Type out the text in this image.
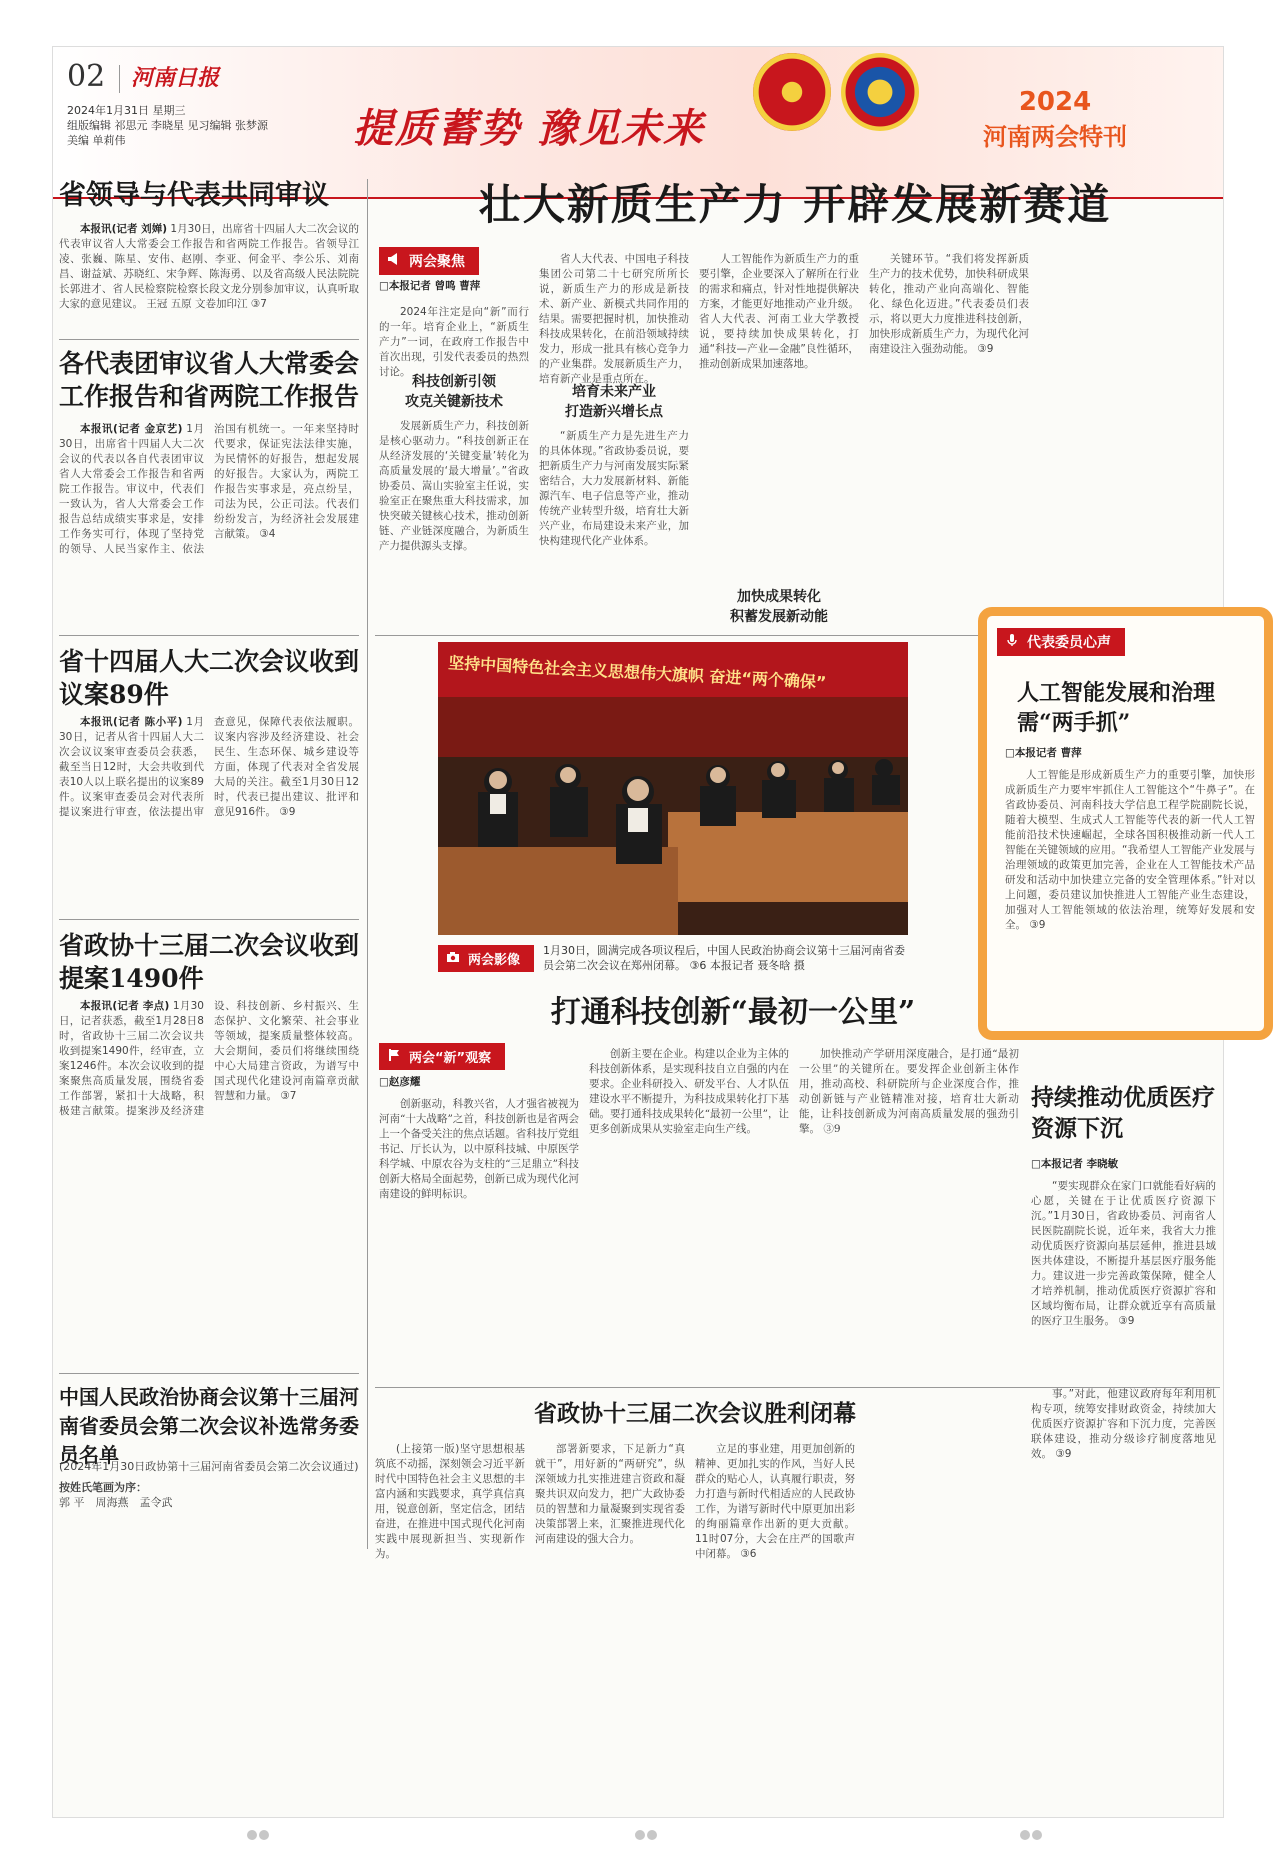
02 河南日报
2024年1月31日 星期三
组版编辑 祁思元 李晓星 见习编辑 张梦源
美编 单莉伟	提质蓄势 豫见未来
2024
河南两会特刊
省领导与代表共同审议

本报讯(记者 刘婵) 1月30日，出席省十四届人大二次会议的代表审议省人大常委会工作报告和省两院工作报告。省领导江凌、张巍、陈星、安伟、赵刚、李亚、何金平、李公乐、刘南昌、谢益斌、苏晓红、宋争辉、陈海勇、以及省高级人民法院院长郭进才、省人民检察院检察长段文龙分别参加审议，认真听取大家的意见建议。 王冠 五原 文卷加印江 ③7

各代表团审议省人大常委会工作报告和省两院工作报告

本报讯(记者 金京艺) 1月30日，出席省十四届人大二次会议的代表以各自代表团审议省人大常委会工作报告和省两院工作报告。审议中，代表们一致认为，省人大常委会工作报告总结成绩实事求是，安排工作务实可行，体现了坚持党的领导、人民当家作主、依法治国有机统一。一年来坚持时代要求，保证宪法法律实施，为民情怀的好报告，想起发展的好报告。大家认为，两院工作报告实事求是，亮点纷呈，司法为民，公正司法。代表们纷纷发言，为经济社会发展建言献策。 ③4

省十四届人大二次会议收到议案89件

本报讯(记者 陈小平) 1月30日，记者从省十四届人大二次会议议案审查委员会获悉，截至当日12时，大会共收到代表10人以上联名提出的议案89件。议案审查委员会对代表所提议案进行审查，依法提出审查意见，保障代表依法履职。议案内容涉及经济建设、社会民生、生态环保、城乡建设等方面，体现了代表对全省发展大局的关注。截至1月30日12时，代表已提出建议、批评和意见916件。 ③9

省政协十三届二次会议收到提案1490件

本报讯(记者 李点) 1月30日，记者获悉，截至1月28日8时，省政协十三届二次会议共收到提案1490件，经审查，立案1246件。本次会议收到的提案聚焦高质量发展，围绕省委工作部署，紧扣十大战略，积极建言献策。提案涉及经济建设、科技创新、乡村振兴、生态保护、文化繁荣、社会事业等领域，提案质量整体较高。大会期间，委员们将继续围绕中心大局建言资政，为谱写中国式现代化建设河南篇章贡献智慧和力量。 ③7

中国人民政治协商会议第十三届河南省委员会第二次会议补选常务委员名单
(2024年1月30日政协第十三届河南省委员会第二次会议通过)
按姓氏笔画为序：
郭 平　周海燕　孟令武
壮大新质生产力 开辟发展新赛道
两会聚焦
□本报记者 曾鸣 曹萍

2024年注定是向“新”而行的一年。培育企业上，“新质生产力”一词，在政府工作报告中首次出现，引发代表委员的热烈讨论。

科技创新引领
攻克关键新技术

发展新质生产力，科技创新是核心驱动力。“科技创新正在从经济发展的‘关键变量’转化为高质量发展的‘最大增量’。”省政协委员、嵩山实验室主任说，实验室正在聚焦重大科技需求，加快突破关键核心技术，推动创新链、产业链深度融合，为新质生产力提供源头支撑。

省人大代表、中国电子科技集团公司第二十七研究所所长说，新质生产力的形成是新技术、新产业、新模式共同作用的结果。需要把握时机，加快推动科技成果转化，在前沿领域持续发力，形成一批具有核心竞争力的产业集群。发展新质生产力，培育新产业是重点所在。

培育未来产业
打造新兴增长点

“新质生产力是先进生产力的具体体现。”省政协委员说，要把新质生产力与河南发展实际紧密结合，大力发展新材料、新能源汽车、电子信息等产业，推动传统产业转型升级，培育壮大新兴产业，布局建设未来产业，加快构建现代化产业体系。

人工智能作为新质生产力的重要引擎，企业要深入了解所在行业的需求和痛点，针对性地提供解决方案，才能更好地推动产业升级。省人大代表、河南工业大学教授说，要持续加快成果转化，打通“科技—产业—金融”良性循环，推动创新成果加速落地。

加快成果转化
积蓄发展新动能

关键环节。“我们将发挥新质生产力的技术优势，加快科研成果转化，推动产业向高端化、智能化、绿色化迈进。”代表委员们表示，将以更大力度推进科技创新，加快形成新质生产力，为现代化河南建设注入强劲动能。 ③9

坚持中国特色社会主义思想伟大旗帜 奋进“两个确保”
两会影像
1月30日，圆满完成各项议程后，中国人民政治协商会议第十三届河南省委员会第二次会议在郑州闭幕。 ③6 本报记者 聂冬晗 摄
打通科技创新“最初一公里”
两会“新”观察
□赵彦耀

创新驱动，科教兴省，人才强省被视为河南“十大战略”之首，科技创新也是省两会上一个备受关注的焦点话题。省科技厅党组书记、厅长认为，以中原科技城、中原医学科学城、中原农谷为支柱的“三足鼎立”科技创新大格局全面起势，创新已成为现代化河南建设的鲜明标识。

创新主要在企业。构建以企业为主体的科技创新体系，是实现科技自立自强的内在要求。企业科研投入、研发平台、人才队伍建设水平不断提升，为科技成果转化打下基础。要打通科技成果转化“最初一公里”，让更多创新成果从实验室走向生产线。

加快推动产学研用深度融合，是打通“最初一公里”的关键所在。要发挥企业创新主体作用，推动高校、科研院所与企业深度合作，推动创新链与产业链精准对接，培育壮大新动能，让科技创新成为河南高质量发展的强劲引擎。 ③9

持续推动优质医疗资源下沉
□本报记者 李晓敏

“要实现群众在家门口就能看好病的心愿，关键在于让优质医疗资源下沉。”1月30日，省政协委员、河南省人民医院副院长说，近年来，我省大力推动优质医疗资源向基层延伸，推进县域医共体建设，不断提升基层医疗服务能力。建议进一步完善政策保障，健全人才培养机制，推动优质医疗资源扩容和区域均衡布局，让群众就近享有高质量的医疗卫生服务。 ③9

省政协十三届二次会议胜利闭幕

(上接第一版)坚守思想根基筑底不动摇，深刻领会习近平新时代中国特色社会主义思想的丰富内涵和实践要求，真学真信真用，锐意创新，坚定信念，团结奋进，在推进中国式现代化河南实践中展现新担当、实现新作为。

部署新要求，下足新力“真就干”，用好新的“两研究”，纵深领域力扎实推进建言资政和凝聚共识双向发力，把广大政协委员的智慧和力量凝聚到实现省委决策部署上来，汇聚推进现代化河南建设的强大合力。

立足的事业建，用更加创新的精神、更加扎实的作风，当好人民群众的贴心人，认真履行职责，努力打造与新时代相适应的人民政协工作，为谱写新时代中原更加出彩的绚丽篇章作出新的更大贡献。11时07分，大会在庄严的国歌声中闭幕。 ③6

事。”对此，他建议政府每年利用机构专项，统筹安排财政资金，持续加大优质医疗资源扩容和下沉力度，完善医联体建设，推动分级诊疗制度落地见效。 ③9

代表委员心声
人工智能发展和治理需“两手抓”
□本报记者 曹萍

人工智能是形成新质生产力的重要引擎，加快形成新质生产力要牢牢抓住人工智能这个“牛鼻子”。在省政协委员、河南科技大学信息工程学院副院长说，随着大模型、生成式人工智能等代表的新一代人工智能前沿技术快速崛起，全球各国积极推动新一代人工智能在关键领域的应用。“我希望人工智能产业发展与治理领域的政策更加完善，企业在人工智能技术产品研发和活动中加快建立完备的安全管理体系。”针对以上问题，委员建议加快推进人工智能产业生态建设，加强对人工智能领域的依法治理，统筹好发展和安全。 ③9
